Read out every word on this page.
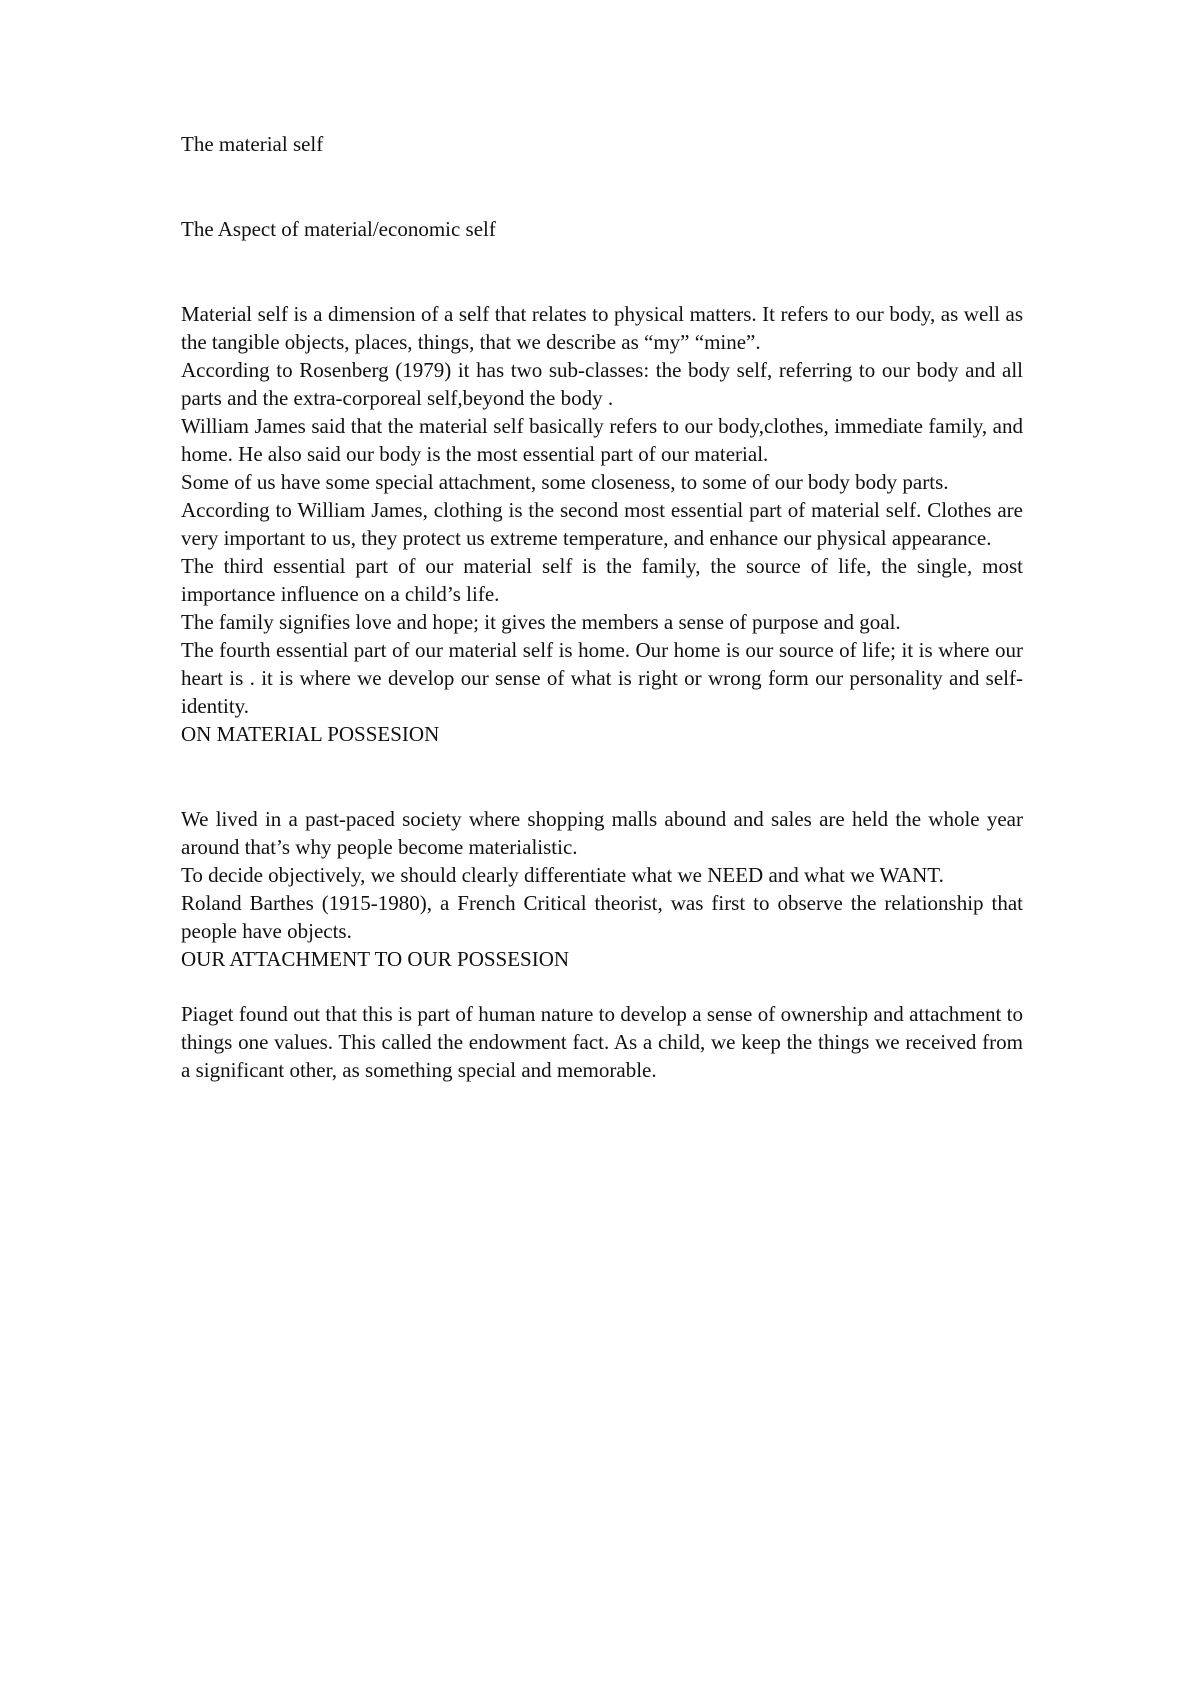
The material self
The Aspect of material/economic self

Material self is a dimension of a self that relates to physical matters. It refers to our body, as well as the tangible objects, places, things, that we describe as “my” “mine”.

According to Rosenberg (1979) it has two sub-classes: the body self, referring to our body and all parts and the extra-corporeal self,beyond the body .

William James said that the material self basically refers to our body,clothes, immediate family, and home. He also said our body is the most essential part of our material.

Some of us have some special attachment, some closeness, to some of our body body parts.

According to William James, clothing is the second most essential part of material self. Clothes are very important to us, they protect us extreme temperature, and enhance our physical appearance.

The third essential part of our material self is the family, the source of life, the single, most importance influence on a child’s life.

The family signifies love and hope; it gives the members a sense of purpose and goal.

The fourth essential part of our material self is home. Our home is our source of life; it is where our heart is . it is where we develop our sense of what is right or wrong form our personality and self-identity.

ON MATERIAL POSSESION

We lived in a past-paced society where shopping malls abound and sales are held the whole year around that’s why people become materialistic.

To decide objectively, we should clearly differentiate what we NEED and what we WANT.

Roland Barthes (1915-1980), a French Critical theorist, was first to observe the relationship that people have objects.

OUR ATTACHMENT TO OUR POSSESION

Piaget found out that this is part of human nature to develop a sense of ownership and attachment to things one values. This called the endowment fact. As a child, we keep the things we received from a significant other, as something special and memorable.
